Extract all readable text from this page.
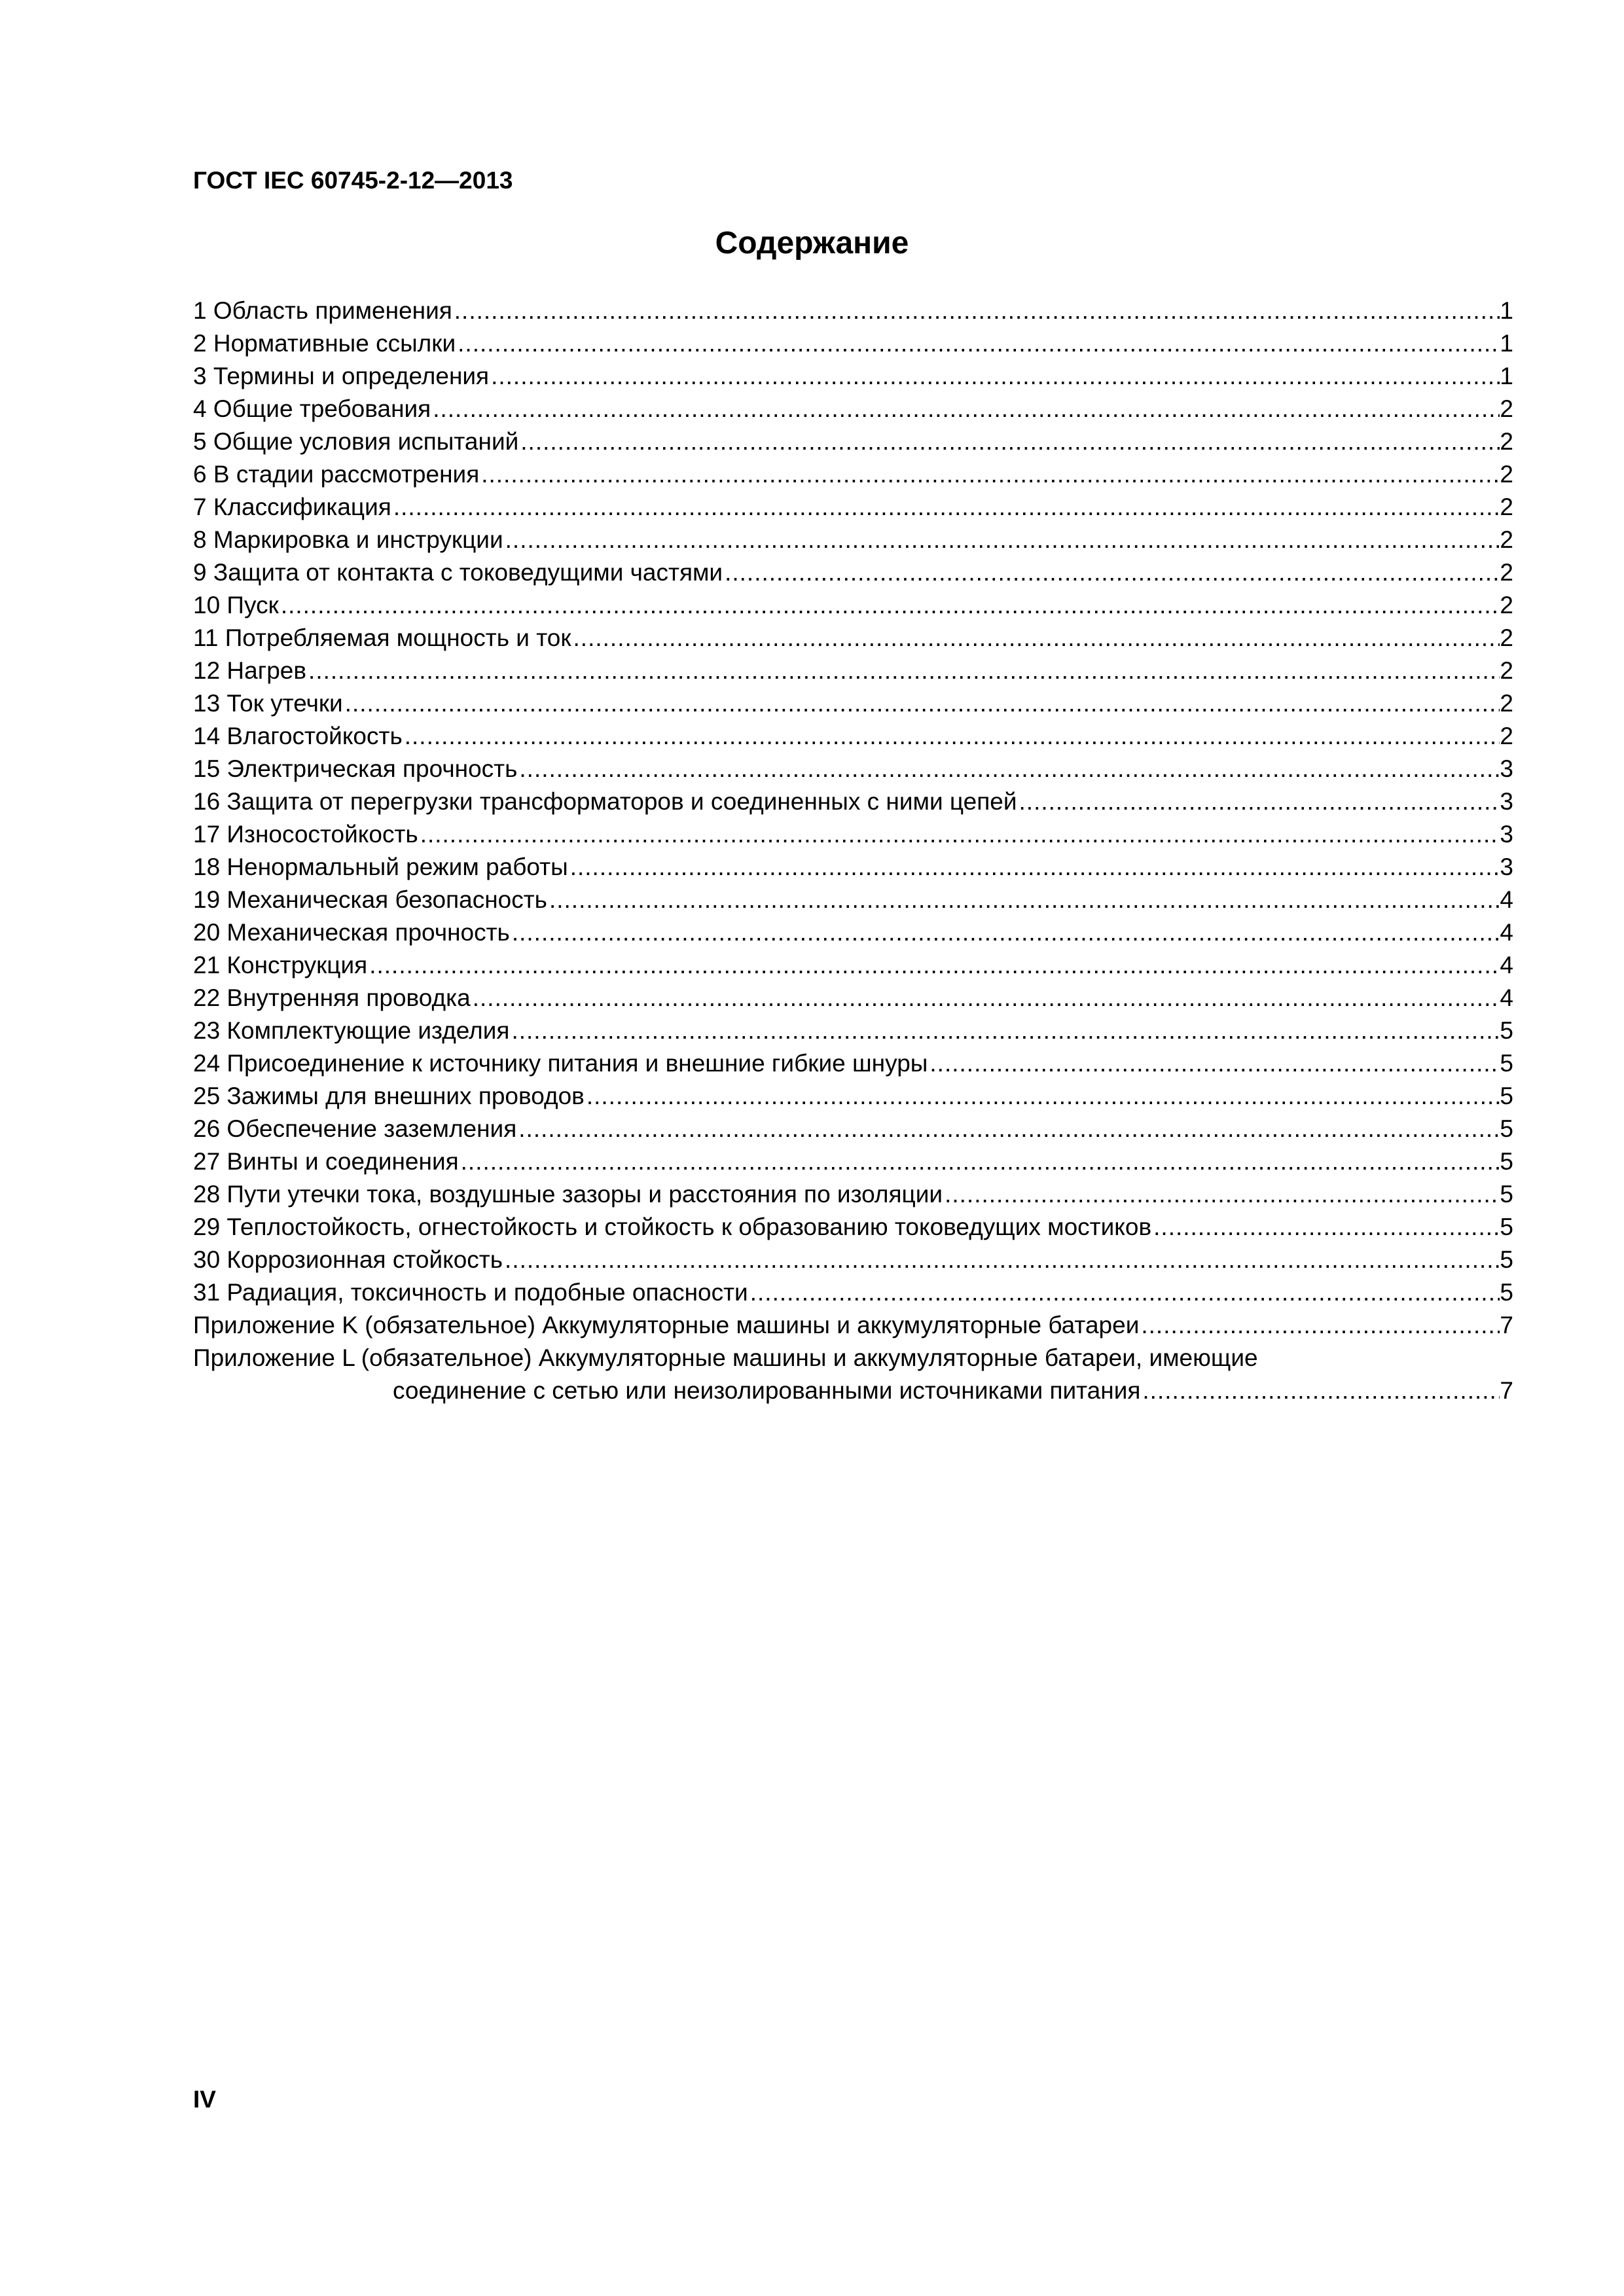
ГОСТ IEC 60745-2-12—2013
Содержание
1 Область применения .....	1
2 Нормативные ссылки .....	1
3 Термины и определения .....	1
4 Общие требования .....	2
5 Общие условия испытаний .....	2
6 В стадии рассмотрения .....	2
7 Классификация .....	2
8 Маркировка и инструкции .....	2
9 Защита от контакта с токоведущими частями .....	2
10 Пуск .....	2
11 Потребляемая мощность и ток .....	2
12 Нагрев .....	2
13 Ток утечки .....	2
14 Влагостойкость .....	2
15 Электрическая прочность .....	3
16 Защита от перегрузки трансформаторов и соединенных с ними цепей .....	3
17 Износостойкость .....	3
18 Ненормальный режим работы .....	3
19 Механическая безопасность .....	4
20 Механическая прочность .....	4
21 Конструкция .....	4
22 Внутренняя проводка .....	4
23 Комплектующие изделия .....	5
24 Присоединение к источнику питания и внешние гибкие шнуры .....	5
25 Зажимы для внешних проводов .....	5
26 Обеспечение заземления .....	5
27 Винты и соединения .....	5
28 Пути утечки тока, воздушные зазоры и расстояния по изоляции .....	5
29 Теплостойкость, огнестойкость и стойкость к образованию токоведущих мостиков .....	5
30 Коррозионная стойкость .....	5
31 Радиация, токсичность и подобные опасности .....	5
Приложение K (обязательное) Аккумуляторные машины и аккумуляторные батареи .....	7
Приложение L (обязательное) Аккумуляторные машины и аккумуляторные батареи, имеющие
соединение с сетью или неизолированными источниками питания .....	7
IV
